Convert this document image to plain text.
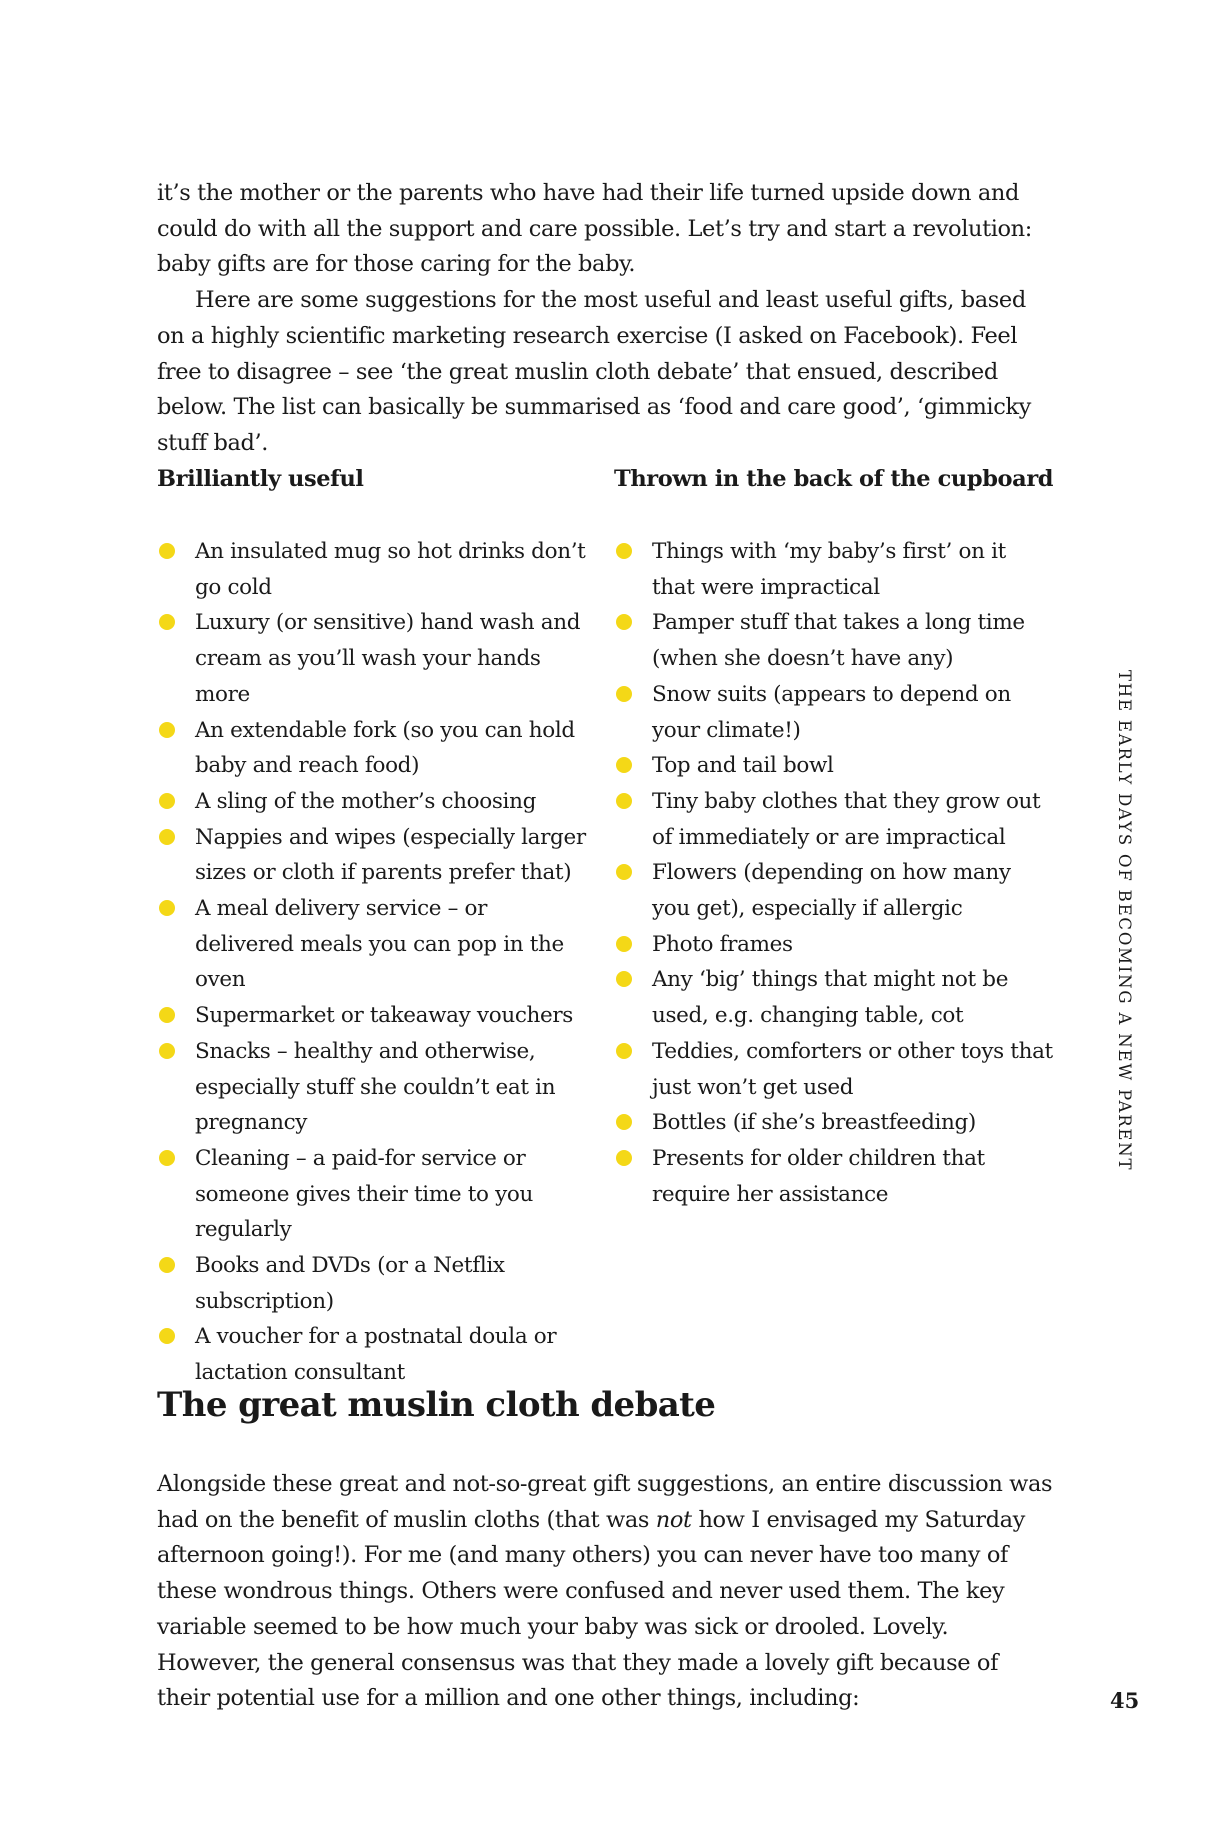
it’s the mother or the parents who have had their life turned upside down and could do with all the support and care possible. Let’s try and start a revolution: baby gifts are for those caring for the baby.

Here are some suggestions for the most useful and least useful gifts, based on a highly scientific marketing research exercise (I asked on Facebook). Feel free to disagree – see ‘the great muslin cloth debate’ that ensued, described below. The list can basically be summarised as ‘food and care good’, ‘gimmicky stuff bad’.

Brilliantly useful	Thrown in the back of the cupboard
An insulated mug so hot drinks don’t go cold
Luxury (or sensitive) hand wash and cream as you’ll wash your hands more
An extendable fork (so you can hold baby and reach food)
A sling of the mother’s choosing
Nappies and wipes (especially larger sizes or cloth if parents prefer that)
A meal delivery service – or delivered meals you can pop in the oven
Supermarket or takeaway vouchers
Snacks – healthy and otherwise, especially stuff she couldn’t eat in pregnancy
Cleaning – a paid-for service or someone gives their time to you regularly
Books and DVDs (or a Netflix subscription)
A voucher for a postnatal doula or lactation consultant
Things with ‘my baby’s first’ on it that were impractical
Pamper stuff that takes a long time (when she doesn’t have any)
Snow suits (appears to depend on your climate!)
Top and tail bowl
Tiny baby clothes that they grow out of immediately or are impractical
Flowers (depending on how many you get), especially if allergic
Photo frames
Any ‘big’ things that might not be used, e.g. changing table, cot
Teddies, comforters or other toys that just won’t get used
Bottles (if she’s breastfeeding)
Presents for older children that require her assistance
The great muslin cloth debate

Alongside these great and not-so-great gift suggestions, an entire discussion was had on the benefit of muslin cloths (that was not how I envisaged my Saturday afternoon going!). For me (and many others) you can never have too many of these wondrous things. Others were confused and never used them. The key variable seemed to be how much your baby was sick or drooled. Lovely. However, the general consensus was that they made a lovely gift because of their potential use for a million and one other things, including:

THE EARLY DAYS OF BECOMING A NEW PARENT
45
